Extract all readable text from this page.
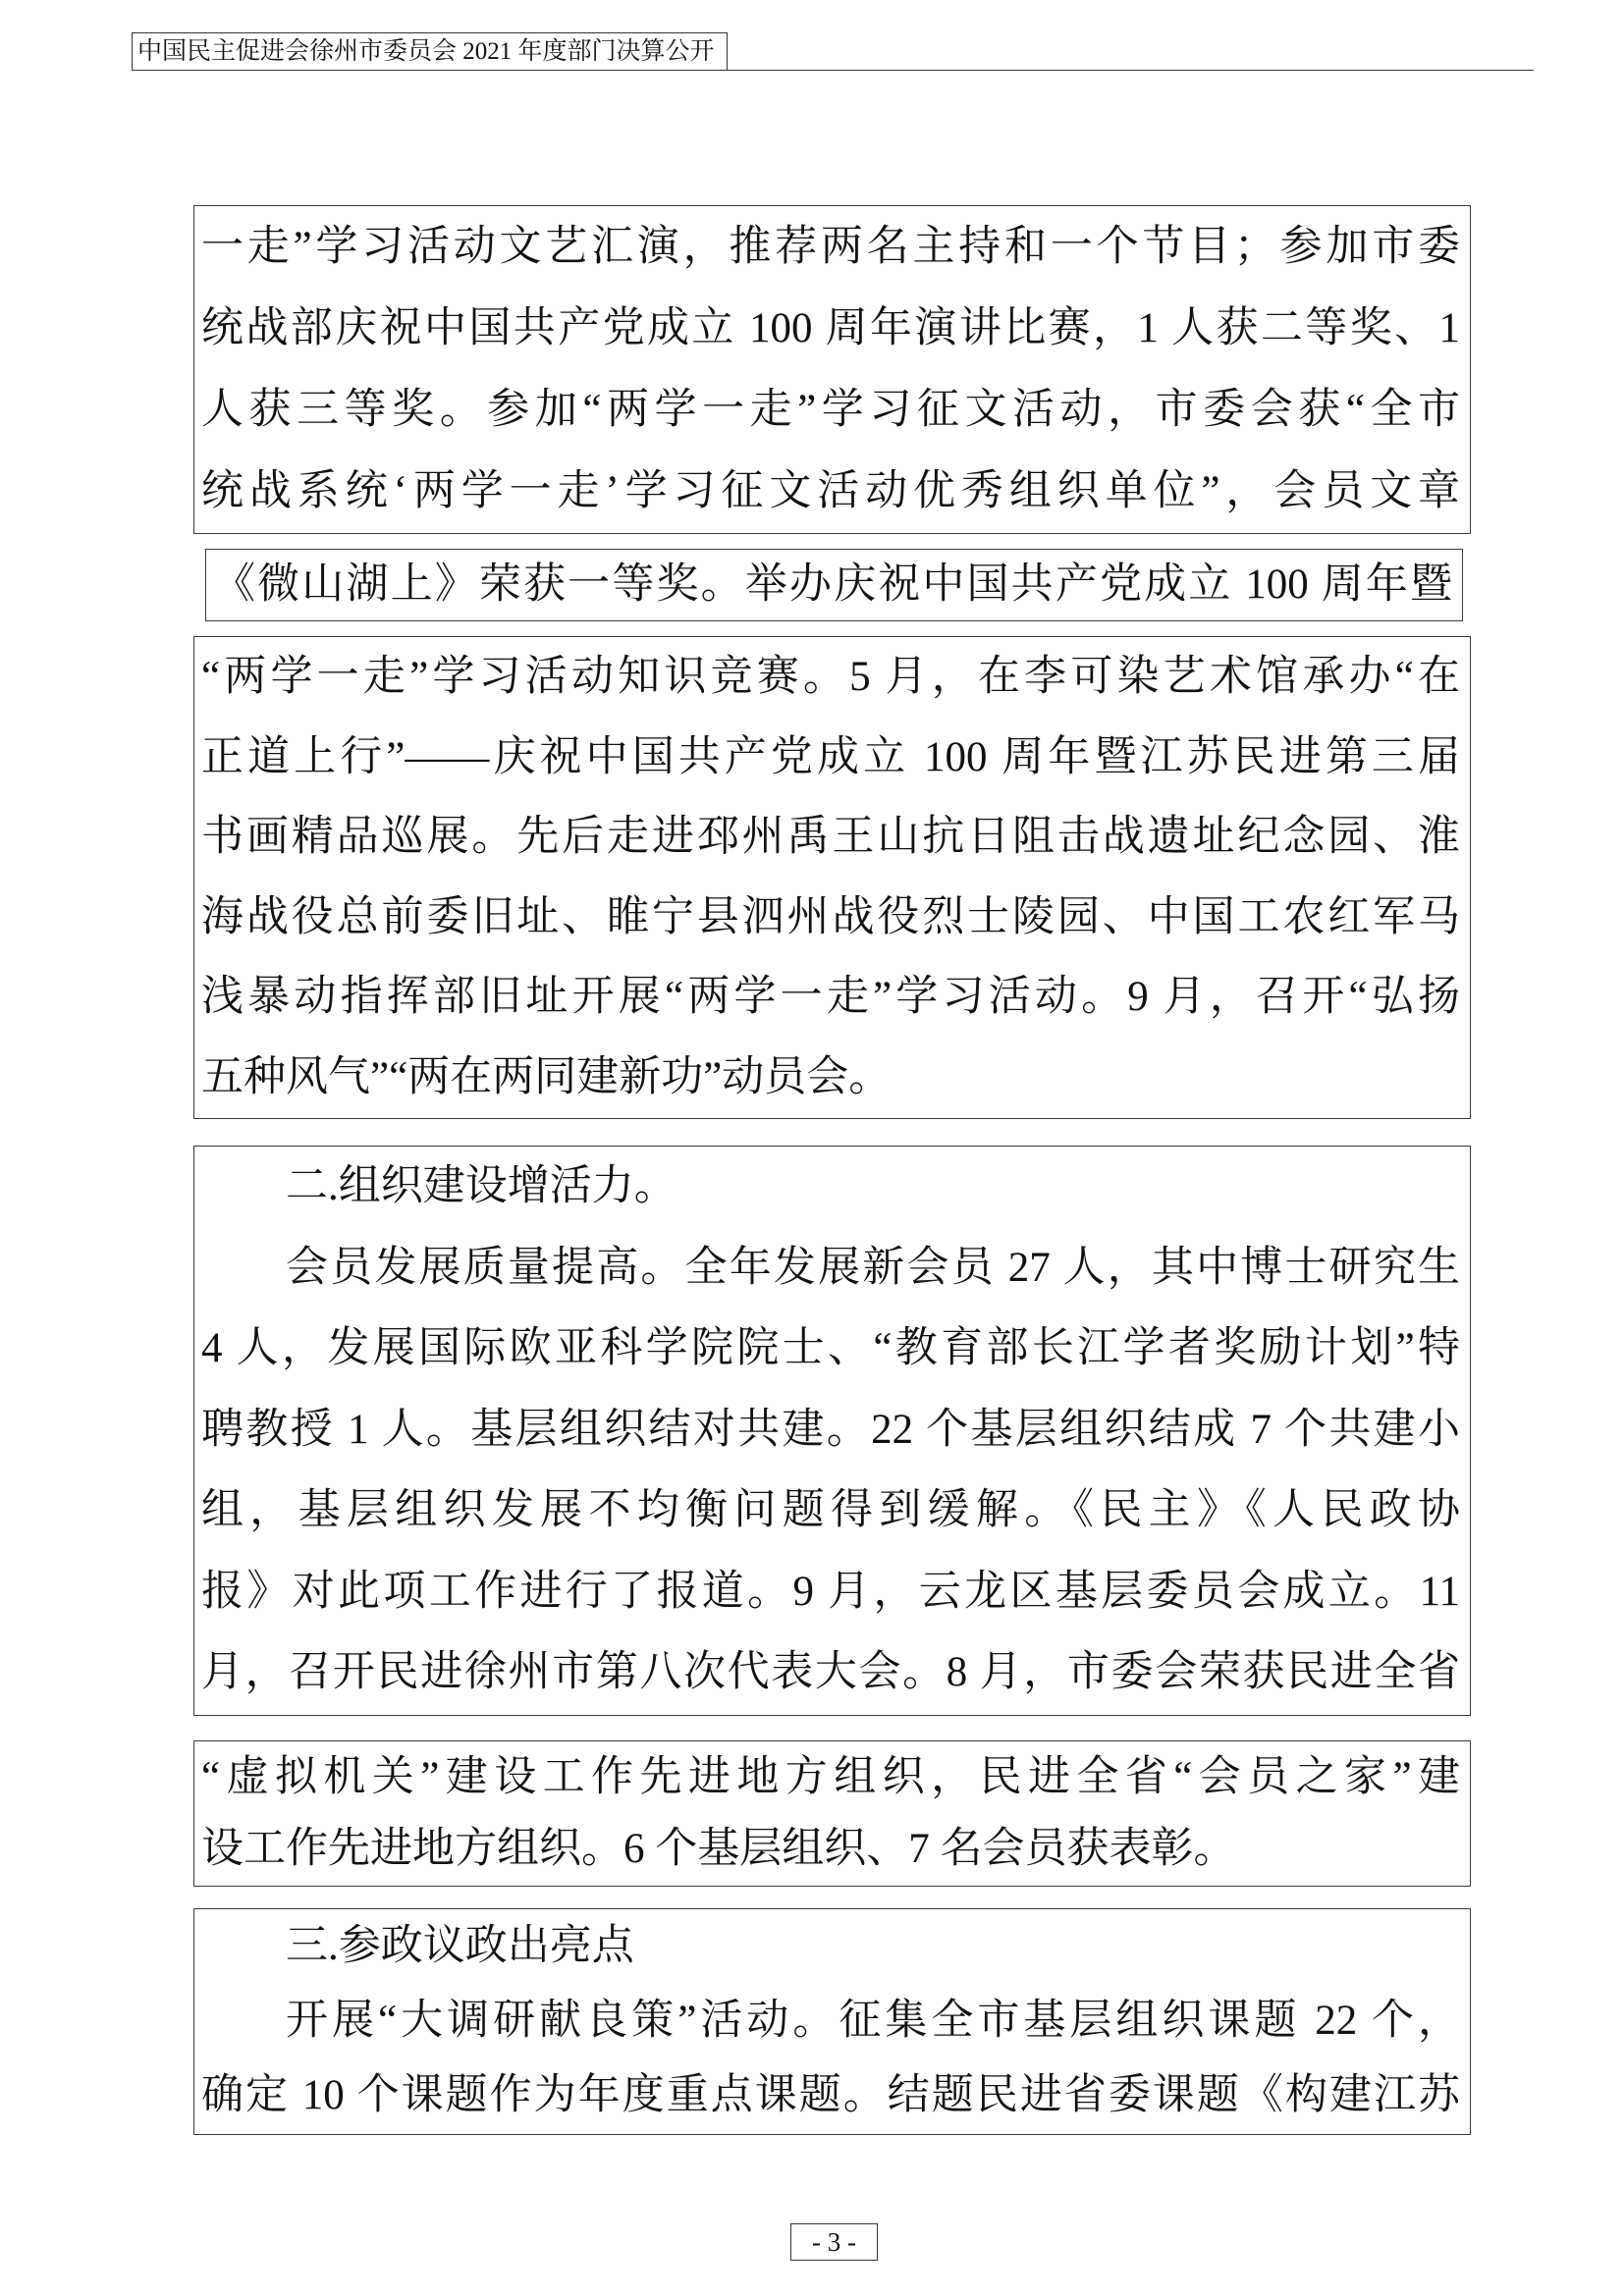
中国民主促进会徐州市委员会 2021 年度部门决算公开
一走”学习活动文艺汇演，推荐两名主持和一个节目；参加市委
统战部庆祝中国共产党成立 100 周年演讲比赛，1 人获二等奖、1
人获三等奖。参加“两学一走”学习征文活动，市委会获“全市
统战系统‘两学一走’学习征文活动优秀组织单位”，会员文章
《微山湖上》荣获一等奖。举办庆祝中国共产党成立 100 周年暨
“两学一走”学习活动知识竞赛。5 月，在李可染艺术馆承办“在
正道上行”——庆祝中国共产党成立 100 周年暨江苏民进第三届
书画精品巡展。先后走进邳州禹王山抗日阻击战遗址纪念园、淮
海战役总前委旧址、睢宁县泗州战役烈士陵园、中国工农红军马
浅暴动指挥部旧址开展“两学一走”学习活动。9 月，召开“弘扬
五种风气”“两在两同建新功”动员会。
二.组织建设增活力。
会员发展质量提高。全年发展新会员 27 人，其中博士研究生
4 人，发展国际欧亚科学院院士、“教育部长江学者奖励计划”特
聘教授 1 人。基层组织结对共建。22 个基层组织结成 7 个共建小
组，基层组织发展不均衡问题得到缓解。《民主》《人民政协
报》对此项工作进行了报道。9 月，云龙区基层委员会成立。11
月，召开民进徐州市第八次代表大会。8 月，市委会荣获民进全省
“虚拟机关”建设工作先进地方组织，民进全省“会员之家”建
设工作先进地方组织。6 个基层组织、7 名会员获表彰。
三.参政议政出亮点
开展“大调研献良策”活动。征集全市基层组织课题 22 个，
确定 10 个课题作为年度重点课题。结题民进省委课题《构建江苏
- 3 -
